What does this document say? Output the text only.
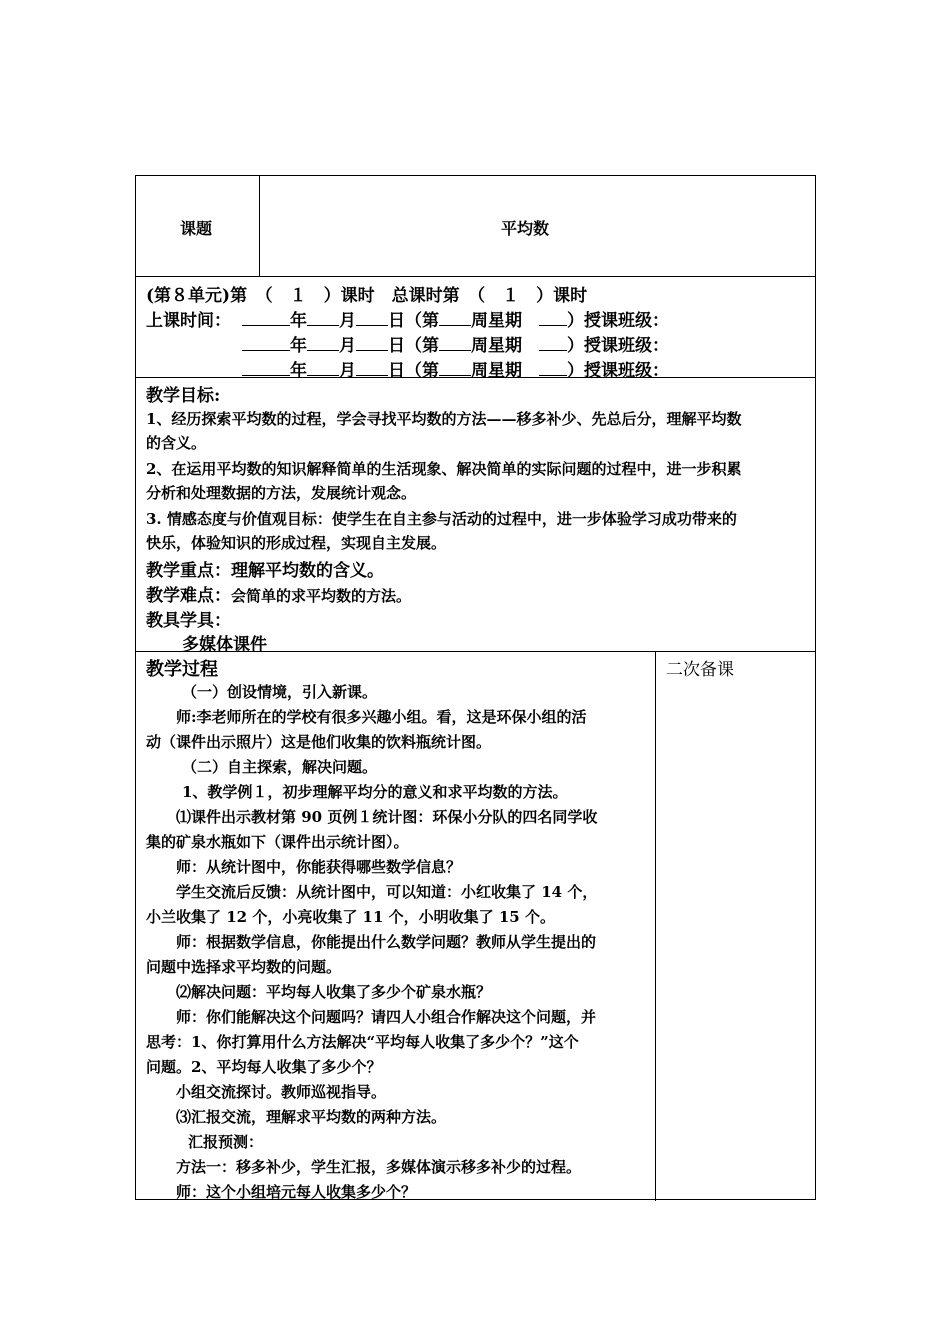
课题	平均数
(第８单元)第　（　１　）课时　总课时第　（　１　）课时
上课时间：	年 月 日（第 周星期　	）授课班级：
年 月 日（第 周星期　	）授课班级：
年 月 日（第 周星期　	）授课班级：
教学目标:
1、经历探索平均数的过程，学会寻找平均数的方法——移多补少、先总后分，理解平均数
的含义。
2、在运用平均数的知识解释简单的生活现象、解决简单的实际问题的过程中，进一步积累
分析和处理数据的方法，发展统计观念。
3. 情感态度与价值观目标：使学生在自主参与活动的过程中，进一步体验学习成功带来的
快乐，体验知识的形成过程，实现自主发展。
教学重点：理解平均数的含义。
教学难点：会简单的求平均数的方法。
教具学具：
多媒体课件
教学过程	二次备课
（一）创设情境，引入新课。
师:李老师所在的学校有很多兴趣小组。看，这是环保小组的活
动（课件出示照片）这是他们收集的饮料瓶统计图。
（二）自主探索，解决问题。
1、教学例１，初步理解平均分的意义和求平均数的方法。
⑴课件出示教材第 90 页例１统计图：环保小分队的四名同学收
集的矿泉水瓶如下（课件出示统计图）。
师：从统计图中，你能获得哪些数学信息？
学生交流后反馈：从统计图中，可以知道：小红收集了 14 个，
小兰收集了 12 个，小亮收集了 11 个，小明收集了 15 个。
师：根据数学信息，你能提出什么数学问题？教师从学生提出的
问题中选择求平均数的问题。
⑵解决问题：平均每人收集了多少个矿泉水瓶？
师：你们能解决这个问题吗？请四人小组合作解决这个问题，并
思考：1、你打算用什么方法解决“平均每人收集了多少个？”这个
问题。2、平均每人收集了多少个？
小组交流探讨。教师巡视指导。
⑶汇报交流，理解求平均数的两种方法。
汇报预测：
方法一：移多补少，学生汇报，多媒体演示移多补少的过程。
师：这个小组培元每人收集多少个？
